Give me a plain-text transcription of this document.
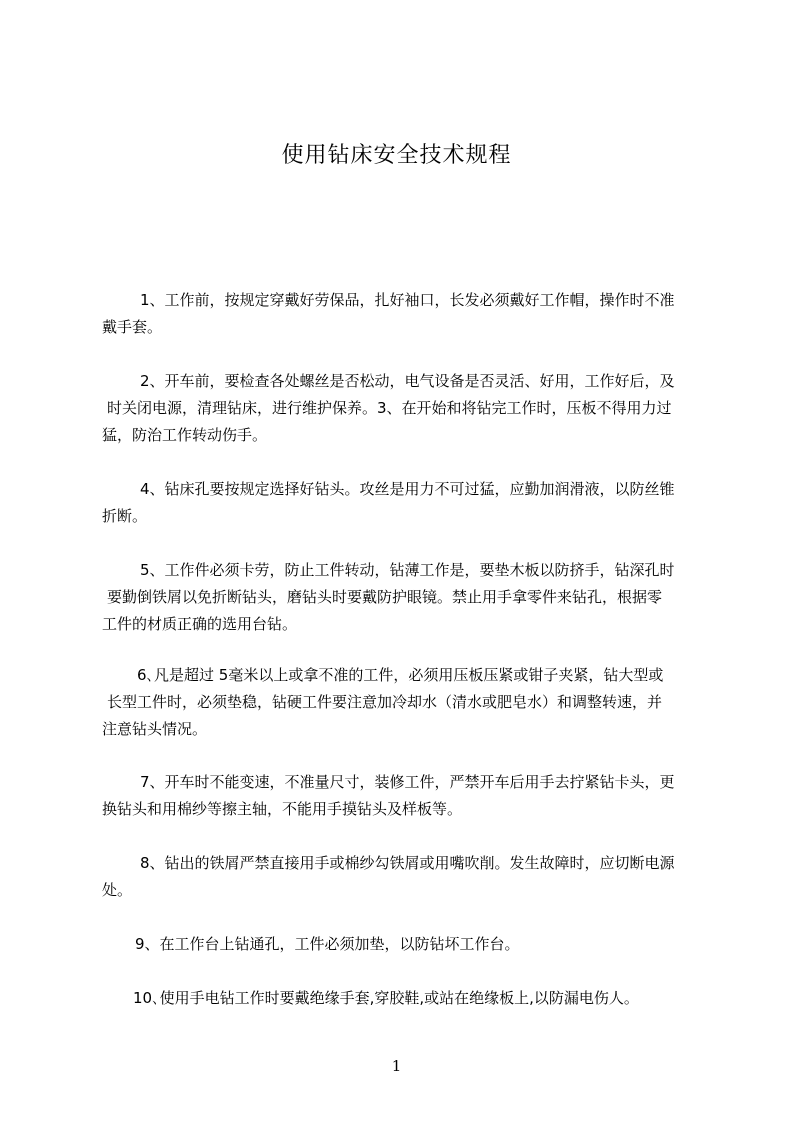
使用钻床安全技术规程
1、工作前，按规定穿戴好劳保品，扎好袖口，长发必须戴好工作帽，操作时不准
戴手套。
2、开车前，要检查各处螺丝是否松动，电气设备是否灵活、好用，工作好后，及
时关闭电源，清理钻床，进行维护保养。3、在开始和将钻完工作时，压板不得用力过
猛，防治工作转动伤手。
4、钻床孔要按规定选择好钻头。攻丝是用力不可过猛，应勤加润滑液，以防丝锥
折断。
5、工作件必须卡劳，防止工件转动，钻薄工作是，要垫木板以防挤手，钻深孔时
要勤倒铁屑以免折断钻头，磨钻头时要戴防护眼镜。禁止用手拿零件来钻孔，根据零
工件的材质正确的选用台钻。
6､凡是超过 5毫米以上或拿不准的工件，必须用压板压紧或钳子夹紧，钻大型或
长型工件时，必须垫稳，钻硬工件要注意加冷却水（清水或肥皂水）和调整转速，并
注意钻头情况。
7、开车时不能变速，不准量尺寸，装修工件，严禁开车后用手去拧紧钻卡头，更
换钻头和用棉纱等擦主轴，不能用手摸钻头及样板等。
8、钻出的铁屑严禁直接用手或棉纱勾铁屑或用嘴吹削。发生故障时，应切断电源
处。
9、在工作台上钻通孔，工件必须加垫，以防钻坏工作台。
10､使用手电钻工作时要戴绝缘手套,穿胶鞋,或站在绝缘板上,以防漏电伤人。
1
